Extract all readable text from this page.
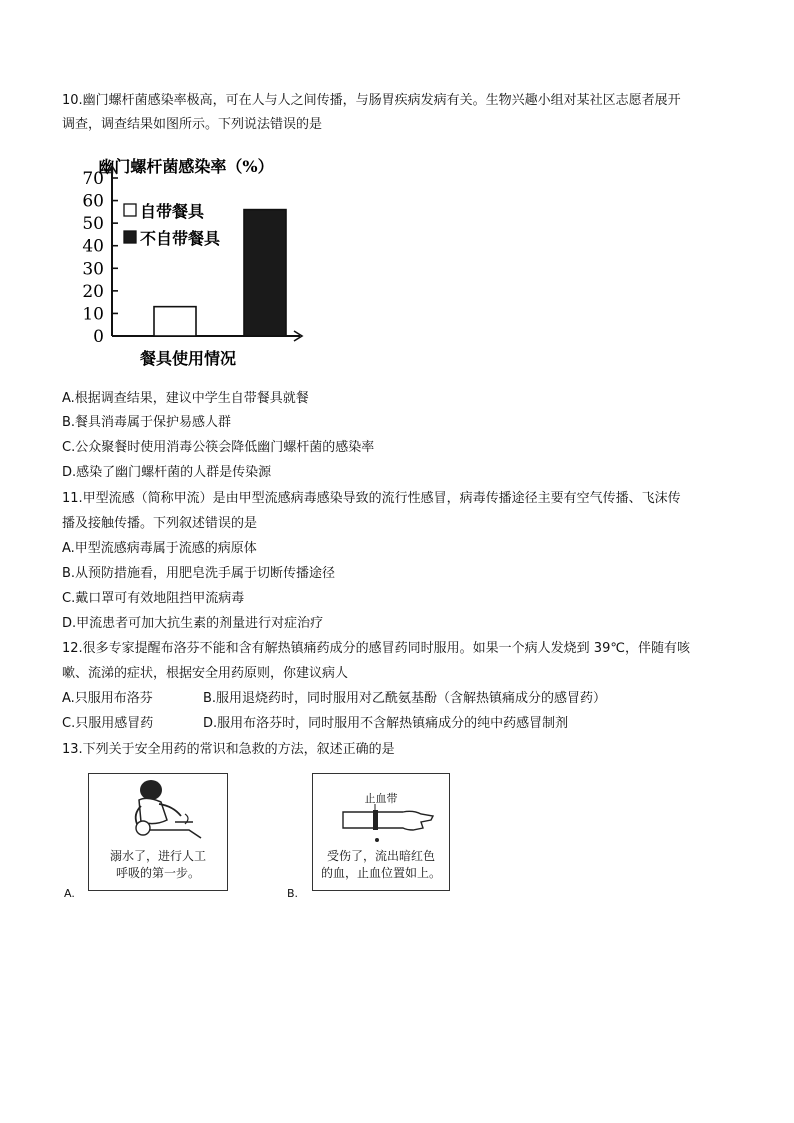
10.幽门螺杆菌感染率极高，可在人与人之间传播，与肠胃疾病发病有关。生物兴趣小组对某社区志愿者展开
调查，调查结果如图所示。下列说法错误的是
幽门螺杆菌感染率（%）
0
10
20
30
40
50
60
70
自带餐具
不自带餐具
餐具使用情况
A.根据调查结果，建议中学生自带餐具就餐
B.餐具消毒属于保护易感人群
C.公众聚餐时使用消毒公筷会降低幽门螺杆菌的感染率
D.感染了幽门螺杆菌的人群是传染源
11.甲型流感（简称甲流）是由甲型流感病毒感染导致的流行性感冒，病毒传播途径主要有空气传播、飞沫传
播及接触传播。下列叙述错误的是
A.甲型流感病毒属于流感的病原体
B.从预防措施看，用肥皂洗手属于切断传播途径
C.戴口罩可有效地阻挡甲流病毒
D.甲流患者可加大抗生素的剂量进行对症治疗
12.很多专家提醒布洛芬不能和含有解热镇痛药成分的感冒药同时服用。如果一个病人发烧到 39℃，伴随有咳
嗽、流涕的症状，根据安全用药原则，你建议病人
A.只服用布洛芬	B.服用退烧药时，同时服用对乙酰氨基酚（含解热镇痛成分的感冒药）
C.只服用感冒药	D.服用布洛芬时，同时服用不含解热镇痛成分的纯中药感冒制剂
13.下列关于安全用药的常识和急救的方法，叙述正确的是
溺水了，进行人工
呼吸的第一步。
A.
止血带
受伤了，流出暗红色
的血，止血位置如上。
B.
